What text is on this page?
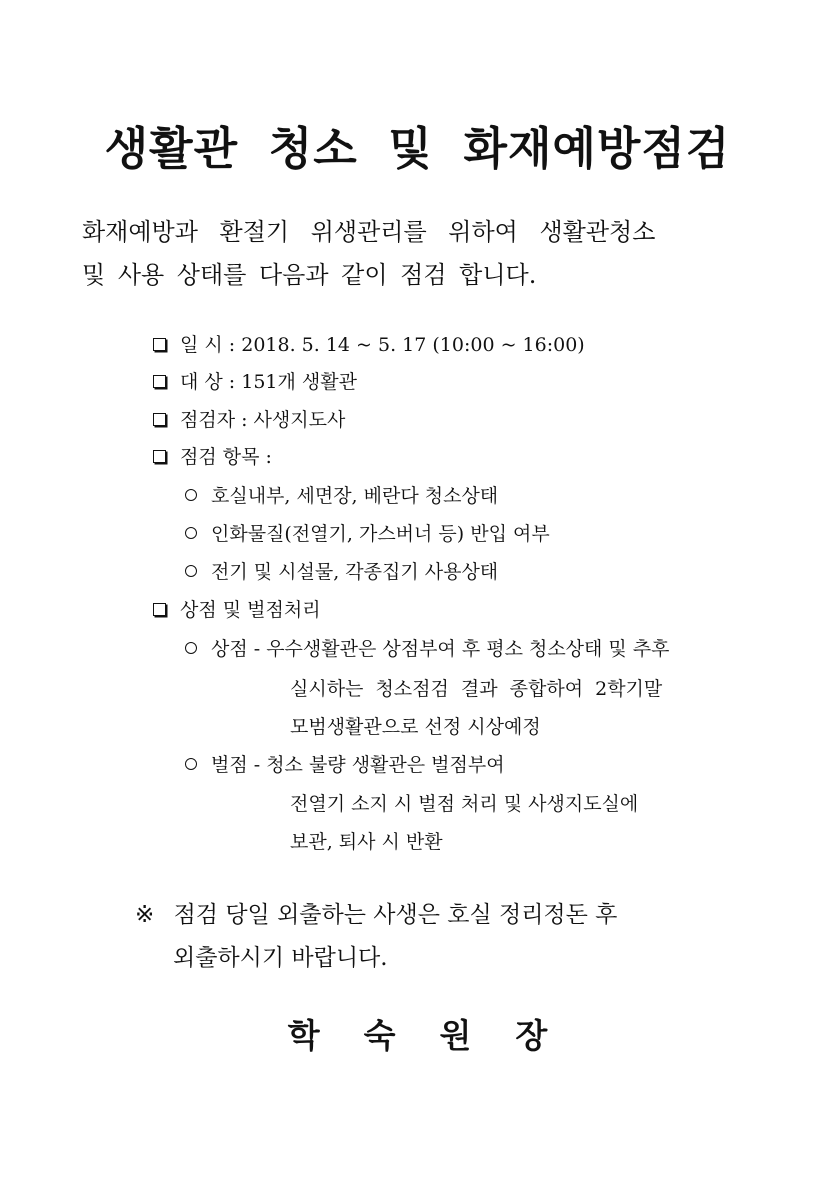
생활관 청소 및 화재예방점검
화재예방과 환절기 위생관리를 위하여 생활관청소
및 사용 상태를 다음과 같이 점검 합니다.
일 시 : 2018. 5. 14 ~ 5. 17 (10:00 ~ 16:00)
대 상 : 151개 생활관
점검자 : 사생지도사
점검 항목 :
호실내부, 세면장, 베란다 청소상태
인화물질(전열기, 가스버너 등) 반입 여부
전기 및 시설물, 각종집기 사용상태
상점 및 벌점처리
상점 - 우수생활관은 상점부여 후 평소 청소상태 및 추후
실시하는 청소점검 결과 종합하여 2학기말
모범생활관으로 선정 시상예정
벌점 - 청소 불량 생활관은 벌점부여
전열기 소지 시 벌점 처리 및 사생지도실에
보관, 퇴사 시 반환
※ 점검 당일 외출하는 사생은 호실 정리정돈 후
외출하시기 바랍니다.
학 숙 원 장
